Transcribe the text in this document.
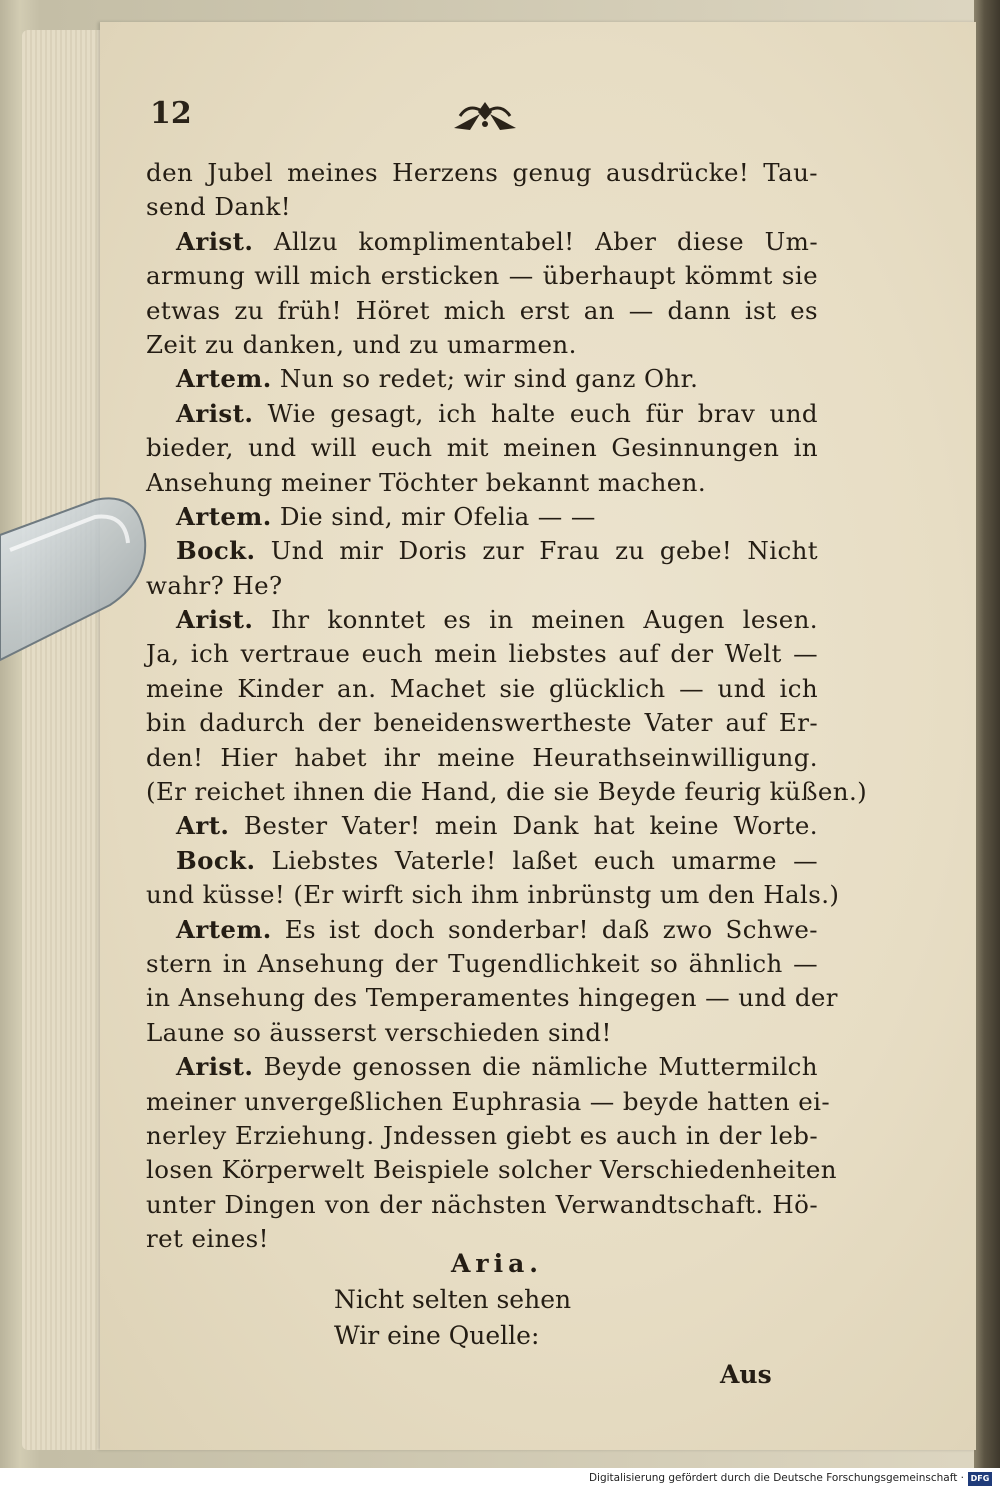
12
den Jubel meines Herzens genug ausdrücke! Tau-
send Dank!
Arist. Allzu komplimentabel! Aber diese Um-
armung will mich ersticken — überhaupt kömmt sie
etwas zu früh! Höret mich erst an — dann ist es
Zeit zu danken, und zu umarmen.
Artem. Nun so redet; wir sind ganz Ohr.
Arist. Wie gesagt, ich halte euch für brav und
bieder, und will euch mit meinen Gesinnungen in
Ansehung meiner Töchter bekannt machen.
Artem. Die sind, mir Ofelia — —
Bock. Und mir Doris zur Frau zu gebe! Nicht
wahr? He?
Arist. Ihr konntet es in meinen Augen lesen.
Ja, ich vertraue euch mein liebstes auf der Welt —
meine Kinder an. Machet sie glücklich — und ich
bin dadurch der beneidenswertheste Vater auf Er-
den! Hier habet ihr meine Heurathseinwilligung.
(Er reichet ihnen die Hand, die sie Beyde feurig küßen.)
Art. Bester Vater! mein Dank hat keine Worte.
Bock. Liebstes Vaterle! laßet euch umarme —
und küsse! (Er wirft sich ihm inbrünstg um den Hals.)
Artem. Es ist doch sonderbar! daß zwo Schwe-
stern in Ansehung der Tugendlichkeit so ähnlich —
in Ansehung des Temperamentes hingegen — und der
Laune so äusserst verschieden sind!
Arist. Beyde genossen die nämliche Muttermilch
meiner unvergeßlichen Euphrasia — beyde hatten ei-
nerley Erziehung. Jndessen giebt es auch in der leb-
losen Körperwelt Beispiele solcher Verschiedenheiten
unter Dingen von der nächsten Verwandtschaft. Hö-
ret eines!
Aria.
Nicht selten sehen
Wir eine Quelle:
Aus
Digitalisierung gefördert durch die Deutsche Forschungsgemeinschaft · DFG
